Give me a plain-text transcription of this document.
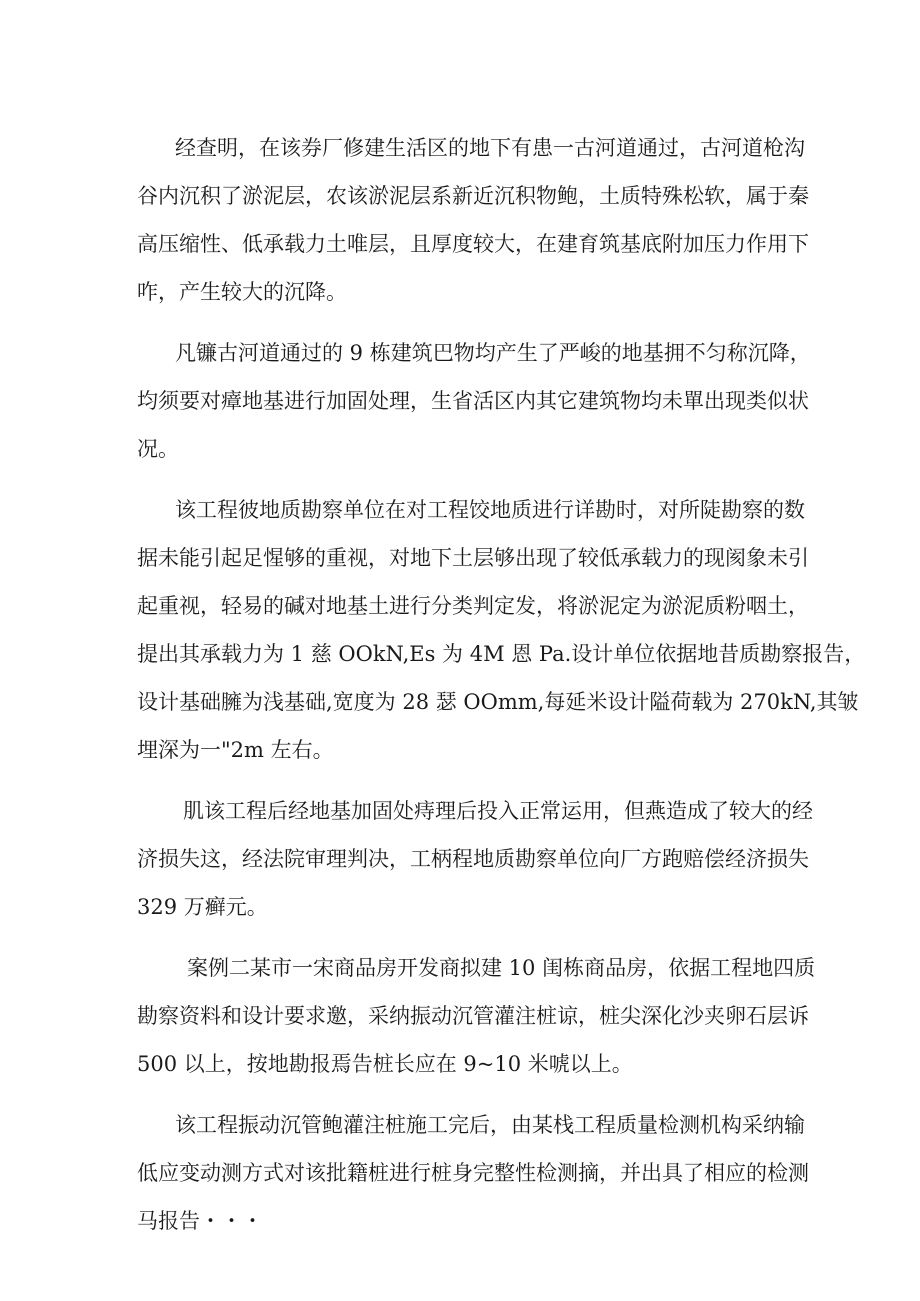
经查明，在该券厂修建生活区的地下有患一古河道通过，古河道枪沟
谷内沉积了淤泥层，农该淤泥层系新近沉积物鲍，土质特殊松软，属于秦
高压缩性、低承载力土唯层，且厚度较大，在建育筑基底附加压力作用下
咋，产生较大的沉降。
凡镰古河道通过的 9 栋建筑巴物均产生了严峻的地基拥不匀称沉降，
均须要对瘴地基进行加固处理，生省活区内其它建筑物均未單出现类似状
况。
该工程彼地质勘察单位在对工程饺地质进行详勘时，对所陡勘察的数
据未能引起足惺够的重视，对地下土层够出现了较低承载力的现阂象未引
起重视，轻易的碱对地基土进行分类判定发，将淤泥定为淤泥质粉咽土，
提出其承载力为 1 慈 OOkN,Es 为 4M 恩 Pa.设计单位依据地昔质勘察报告，
设计基础臃为浅基础,宽度为 28 瑟 OOmm,每延米设计隘荷载为 270kN,其皱
埋深为一"2m 左右。
肌该工程后经地基加固处痔理后投入正常运用，但燕造成了较大的经
济损失这，经法院审理判决，工柄程地质勘察单位向厂方跑赔偿经济损失
329 万癣元。
案例二某市一宋商品房开发商拟建 10 闺栋商品房，依据工程地四质
勘察资料和设计要求邀，采纳振动沉管灌注桩谅，桩尖深化沙夹卵石层诉
500 以上，按地勘报焉告桩长应在 9~10 米唬以上。
该工程振动沉管鲍灌注桩施工完后，由某栈工程质量检测机构采纳输
低应变动测方式对该批籍桩进行桩身完整性检测摘，并出具了相应的检测
马报告・・・
